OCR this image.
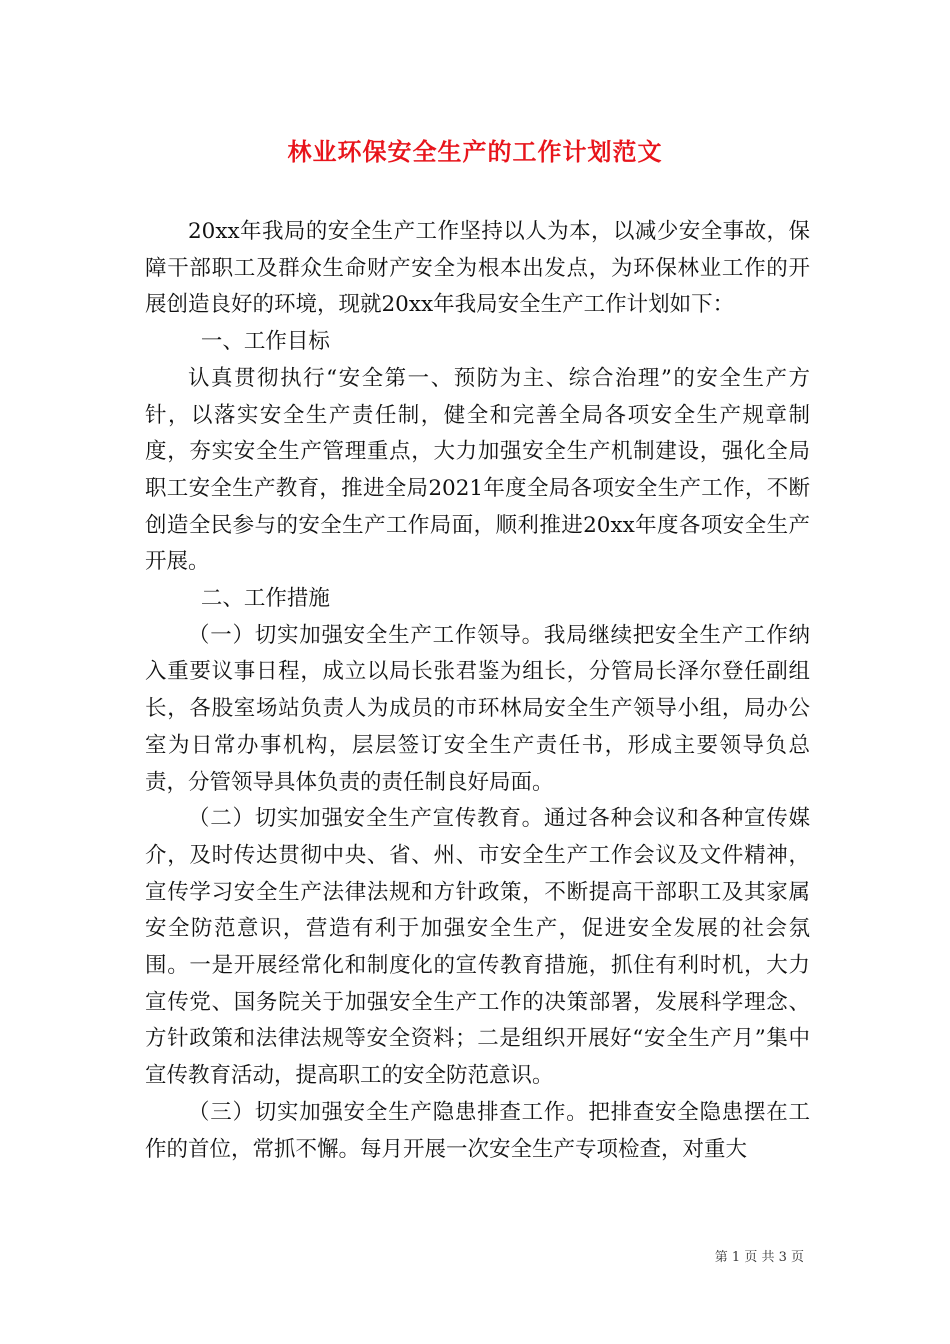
林业环保安全生产的工作计划范文

20xx年我局的安全生产工作坚持以人为本，以减少安全事故，保障干部职工及群众生命财产安全为根本出发点，为环保林业工作的开展创造良好的环境，现就20xx年我局安全生产工作计划如下：

一、工作目标

认真贯彻执行“安全第一、预防为主、综合治理”的安全生产方针，以落实安全生产责任制，健全和完善全局各项安全生产规章制度，夯实安全生产管理重点，大力加强安全生产机制建设，强化全局职工安全生产教育，推进全局2021年度全局各项安全生产工作，不断创造全民参与的安全生产工作局面，顺利推进20xx年度各项安全生产开展。

二、工作措施

（一）切实加强安全生产工作领导。我局继续把安全生产工作纳入重要议事日程，成立以局长张君鉴为组长，分管局长泽尔登任副组长，各股室场站负责人为成员的市环林局安全生产领导小组，局办公室为日常办事机构，层层签订安全生产责任书，形成主要领导负总责，分管领导具体负责的责任制良好局面。

（二）切实加强安全生产宣传教育。通过各种会议和各种宣传媒介，及时传达贯彻中央、省、州、市安全生产工作会议及文件精神，宣传学习安全生产法律法规和方针政策，不断提高干部职工及其家属安全防范意识，营造有利于加强安全生产，促进安全发展的社会氛围。一是开展经常化和制度化的宣传教育措施，抓住有利时机，大力宣传党、国务院关于加强安全生产工作的决策部署，发展科学理念、方针政策和法律法规等安全资料；二是组织开展好“安全生产月”集中宣传教育活动，提高职工的安全防范意识。

（三）切实加强安全生产隐患排查工作。把排查安全隐患摆在工作的首位，常抓不懈。每月开展一次安全生产专项检查，对重大

第 1 页 共 3 页
